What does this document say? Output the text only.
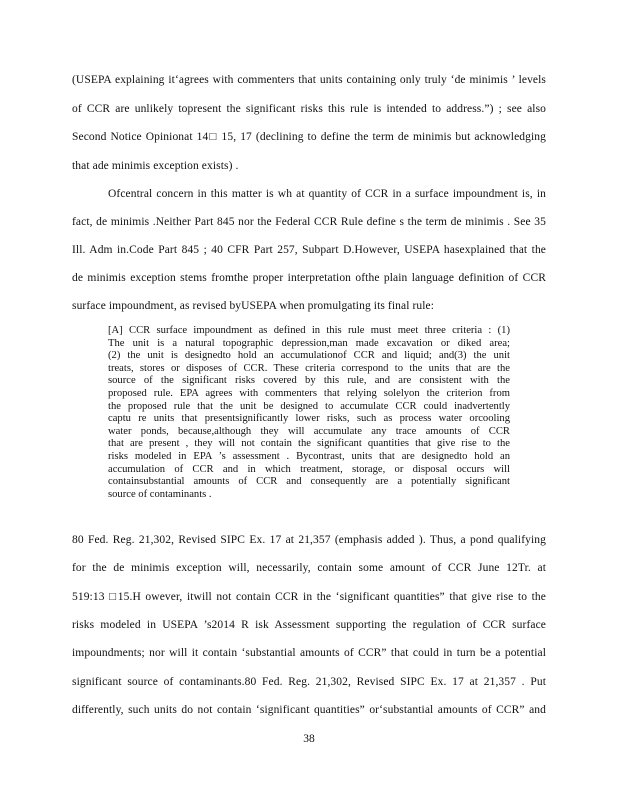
(USEPA explaining it‘agrees with commenters that units containing only truly ‘de minimis ’ levels
of CCR are unlikely topresent the significant risks this rule is intended to address.”) ; see also
Second Notice Opinionat 14□ 15, 17 (declining to define the term de minimis but acknowledging
that ade minimis exception exists) .
Ofcentral concern in this matter is wh at quantity of CCR in a surface impoundment is, in
fact, de minimis .Neither Part 845 nor the Federal CCR Rule define s the term de minimis . See 35
Ill. Adm in.Code Part 845 ; 40 CFR Part 257, Subpart D.However, USEPA hasexplained that the
de minimis exception stems fromthe proper interpretation ofthe plain language definition of CCR
surface impoundment, as revised byUSEPA when promulgating its final rule:
[A] CCR surface impoundment as defined in this rule must meet three criteria : (1)
The unit is a natural topographic depression,man made excavation or diked area;
(2) the unit is designedto hold an accumulationof CCR and liquid; and(3) the unit
treats, stores or disposes of CCR. These criteria correspond to the units that are the
source of the significant risks covered by this rule, and are consistent with the
proposed rule. EPA agrees with commenters that relying solelyon the criterion from
the proposed rule that the unit be designed to accumulate CCR could inadvertently
captu re units that presentsignificantly lower risks, such as process water orcooling
water ponds, because,although they will accumulate any trace amounts of CCR
that are present , they will not contain the significant quantities that give rise to the
risks modeled in EPA ’s assessment . Bycontrast, units that are designedto hold an
accumulation of CCR and in which treatment, storage, or disposal occurs will
containsubstantial amounts of CCR and consequently are a potentially significant
source of contaminants .
80 Fed. Reg. 21,302, Revised SIPC Ex. 17 at 21,357 (emphasis added ). Thus, a pond qualifying
for the de minimis exception will, necessarily, contain some amount of CCR June 12Tr. at
519:13 □15.H owever, itwill not contain CCR in the ‘significant quantities” that give rise to the
risks modeled in USEPA ’s2014 R isk Assessment supporting the regulation of CCR surface
impoundments; nor will it contain ‘substantial amounts of CCR” that could in turn be a potential
significant source of contaminants.80 Fed. Reg. 21,302, Revised SIPC Ex. 17 at 21,357 . Put
differently, such units do not contain ‘significant quantities” or‘substantial amounts of CCR” and
38
